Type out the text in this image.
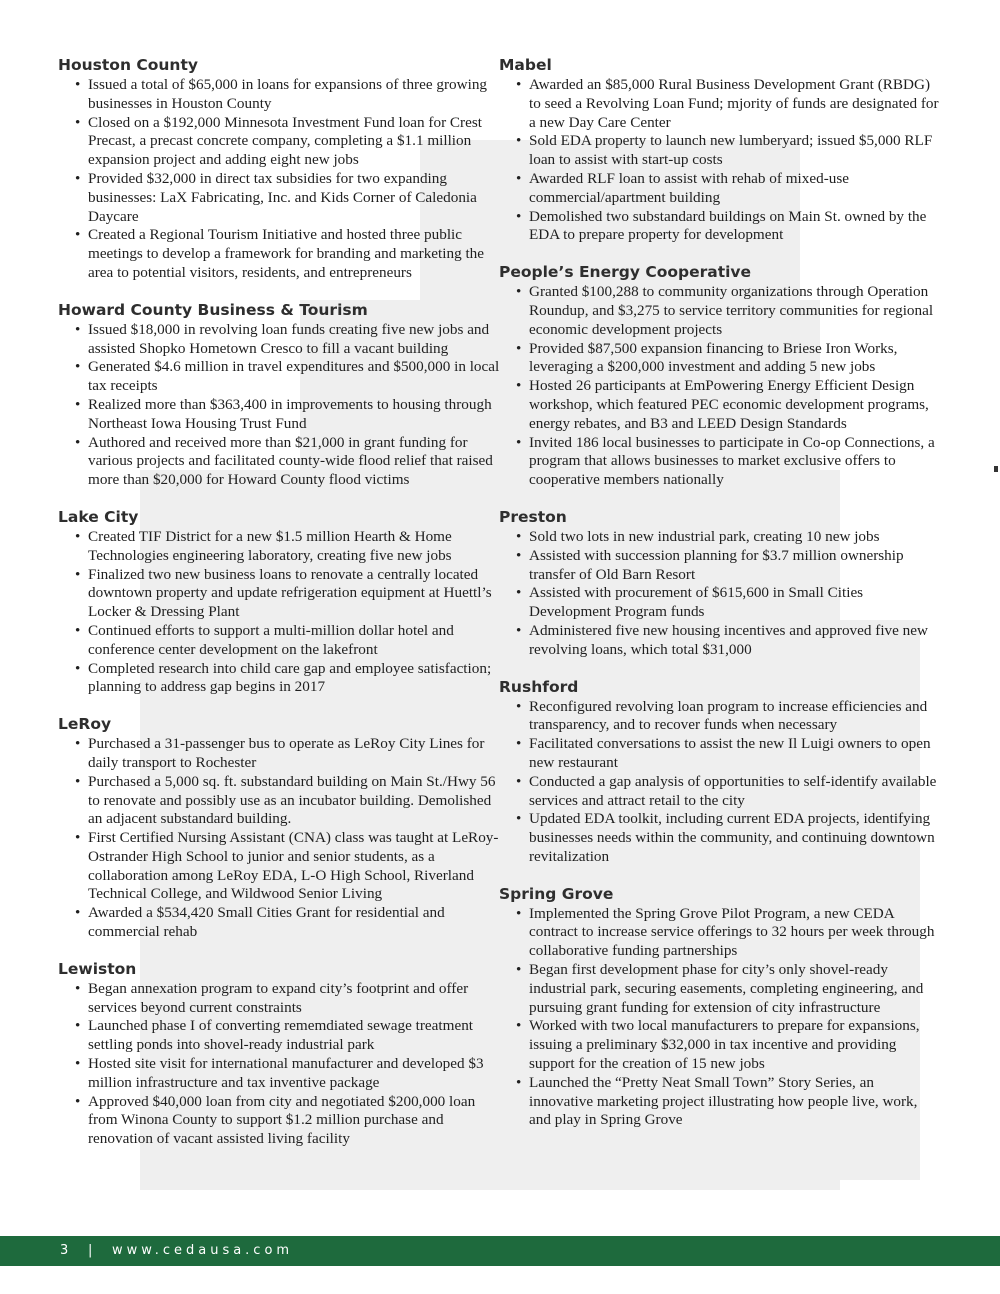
Houston County
• Issued a total of $65,000 in loans for expansions of three growing businesses in Houston County
• Closed on a $192,000 Minnesota Investment Fund loan for Crest Precast, a precast concrete company, completing a $1.1 million expansion project and adding eight new jobs
• Provided $32,000 in direct tax subsidies for two expanding businesses: LaX Fabricating, Inc. and Kids Corner of Caledonia Daycare
• Created a Regional Tourism Initiative and hosted three public meetings to develop a framework for branding and marketing the area to potential visitors, residents, and entrepreneurs
Howard County Business & Tourism
• Issued $18,000 in revolving loan funds creating five new jobs and assisted Shopko Hometown Cresco to fill a vacant building
• Generated $4.6 million in travel expenditures and $500,000 in local tax receipts
• Realized more than $363,400 in improvements to housing through Northeast Iowa Housing Trust Fund
• Authored and received more than $21,000 in grant funding for various projects and facilitated county-wide flood relief that raised more than $20,000 for Howard County flood victims
Lake City
• Created TIF District for a new $1.5 million Hearth & Home Technologies engineering laboratory, creating five new jobs
• Finalized two new business loans to renovate a centrally located downtown property and update refrigeration equipment at Huettl’s Locker & Dressing Plant
• Continued efforts to support a multi-million dollar hotel and conference center development on the lakefront
• Completed research into child care gap and employee satisfaction; planning to address gap begins in 2017
LeRoy
• Purchased a 31-passenger bus to operate as LeRoy City Lines for daily transport to Rochester
• Purchased a 5,000 sq. ft. substandard building on Main St./Hwy 56 to renovate and possibly use as an incubator building. Demolished an adjacent substandard building.
• First Certified Nursing Assistant (CNA) class was taught at LeRoy-Ostrander High School to junior and senior students, as a collaboration among LeRoy EDA, L-O High School, Riverland Technical College, and Wildwood Senior Living
• Awarded a $534,420 Small Cities Grant for residential and commercial rehab
Lewiston
• Began annexation program to expand city’s footprint and offer services beyond current constraints
• Launched phase I of converting rememdiated sewage treatment settling ponds into shovel-ready industrial park
• Hosted site visit for international manufacturer and developed $3 million infrastructure and tax inventive package
• Approved $40,000 loan from city and negotiated $200,000 loan from Winona County to support $1.2 million purchase and renovation of vacant assisted living facility
Mabel
• Awarded an $85,000 Rural Business Development Grant (RBDG) to seed a Revolving Loan Fund; mjority of funds are designated for a new Day Care Center
• Sold EDA property to launch new lumberyard; issued $5,000 RLF loan to assist with start-up costs
• Awarded RLF loan to assist with rehab of mixed-use commercial/apartment building
• Demolished two substandard buildings on Main St. owned by the EDA to prepare property for development
People’s Energy Cooperative
• Granted $100,288 to community organizations through Operation Roundup, and $3,275 to service territory communities for regional economic development projects
• Provided $87,500 expansion financing to Briese Iron Works, leveraging a $200,000 investment and adding 5 new jobs
• Hosted 26 participants at EmPowering Energy Efficient Design workshop, which featured PEC economic development programs, energy rebates, and B3 and LEED Design Standards
• Invited 186 local businesses to participate in Co-op Connections, a program that allows businesses to market exclusive offers to cooperative members nationally
Preston
• Sold two lots in new industrial park, creating 10 new jobs
• Assisted with succession planning for $3.7 million ownership transfer of Old Barn Resort
• Assisted with procurement of $615,600 in Small Cities Development Program funds
• Administered five new housing incentives and approved five new revolving loans, which total $31,000
Rushford
• Reconfigured revolving loan program to increase efficiencies and transparency, and to recover funds when necessary
• Facilitated conversations to assist the new Il Luigi owners to open new restaurant
• Conducted a gap analysis of opportunities to self-identify available services and attract retail to the city
• Updated EDA toolkit, including current EDA projects, identifying businesses needs within the community, and continuing downtown revitalization
Spring Grove
• Implemented the Spring Grove Pilot Program, a new CEDA contract to increase service offerings to 32 hours per week through collaborative funding partnerships
• Began first development phase for city’s only shovel-ready industrial park, securing easements, completing engineering, and pursuing grant funding for extension of city infrastructure
• Worked with two local manufacturers to prepare for expansions, issuing a preliminary $32,000 in tax incentive and providing support for the creation of 15 new jobs
• Launched the “Pretty Neat Small Town” Story Series, an innovative marketing project illustrating how people live, work, and play in Spring Grove
3 | www.cedausa.com
